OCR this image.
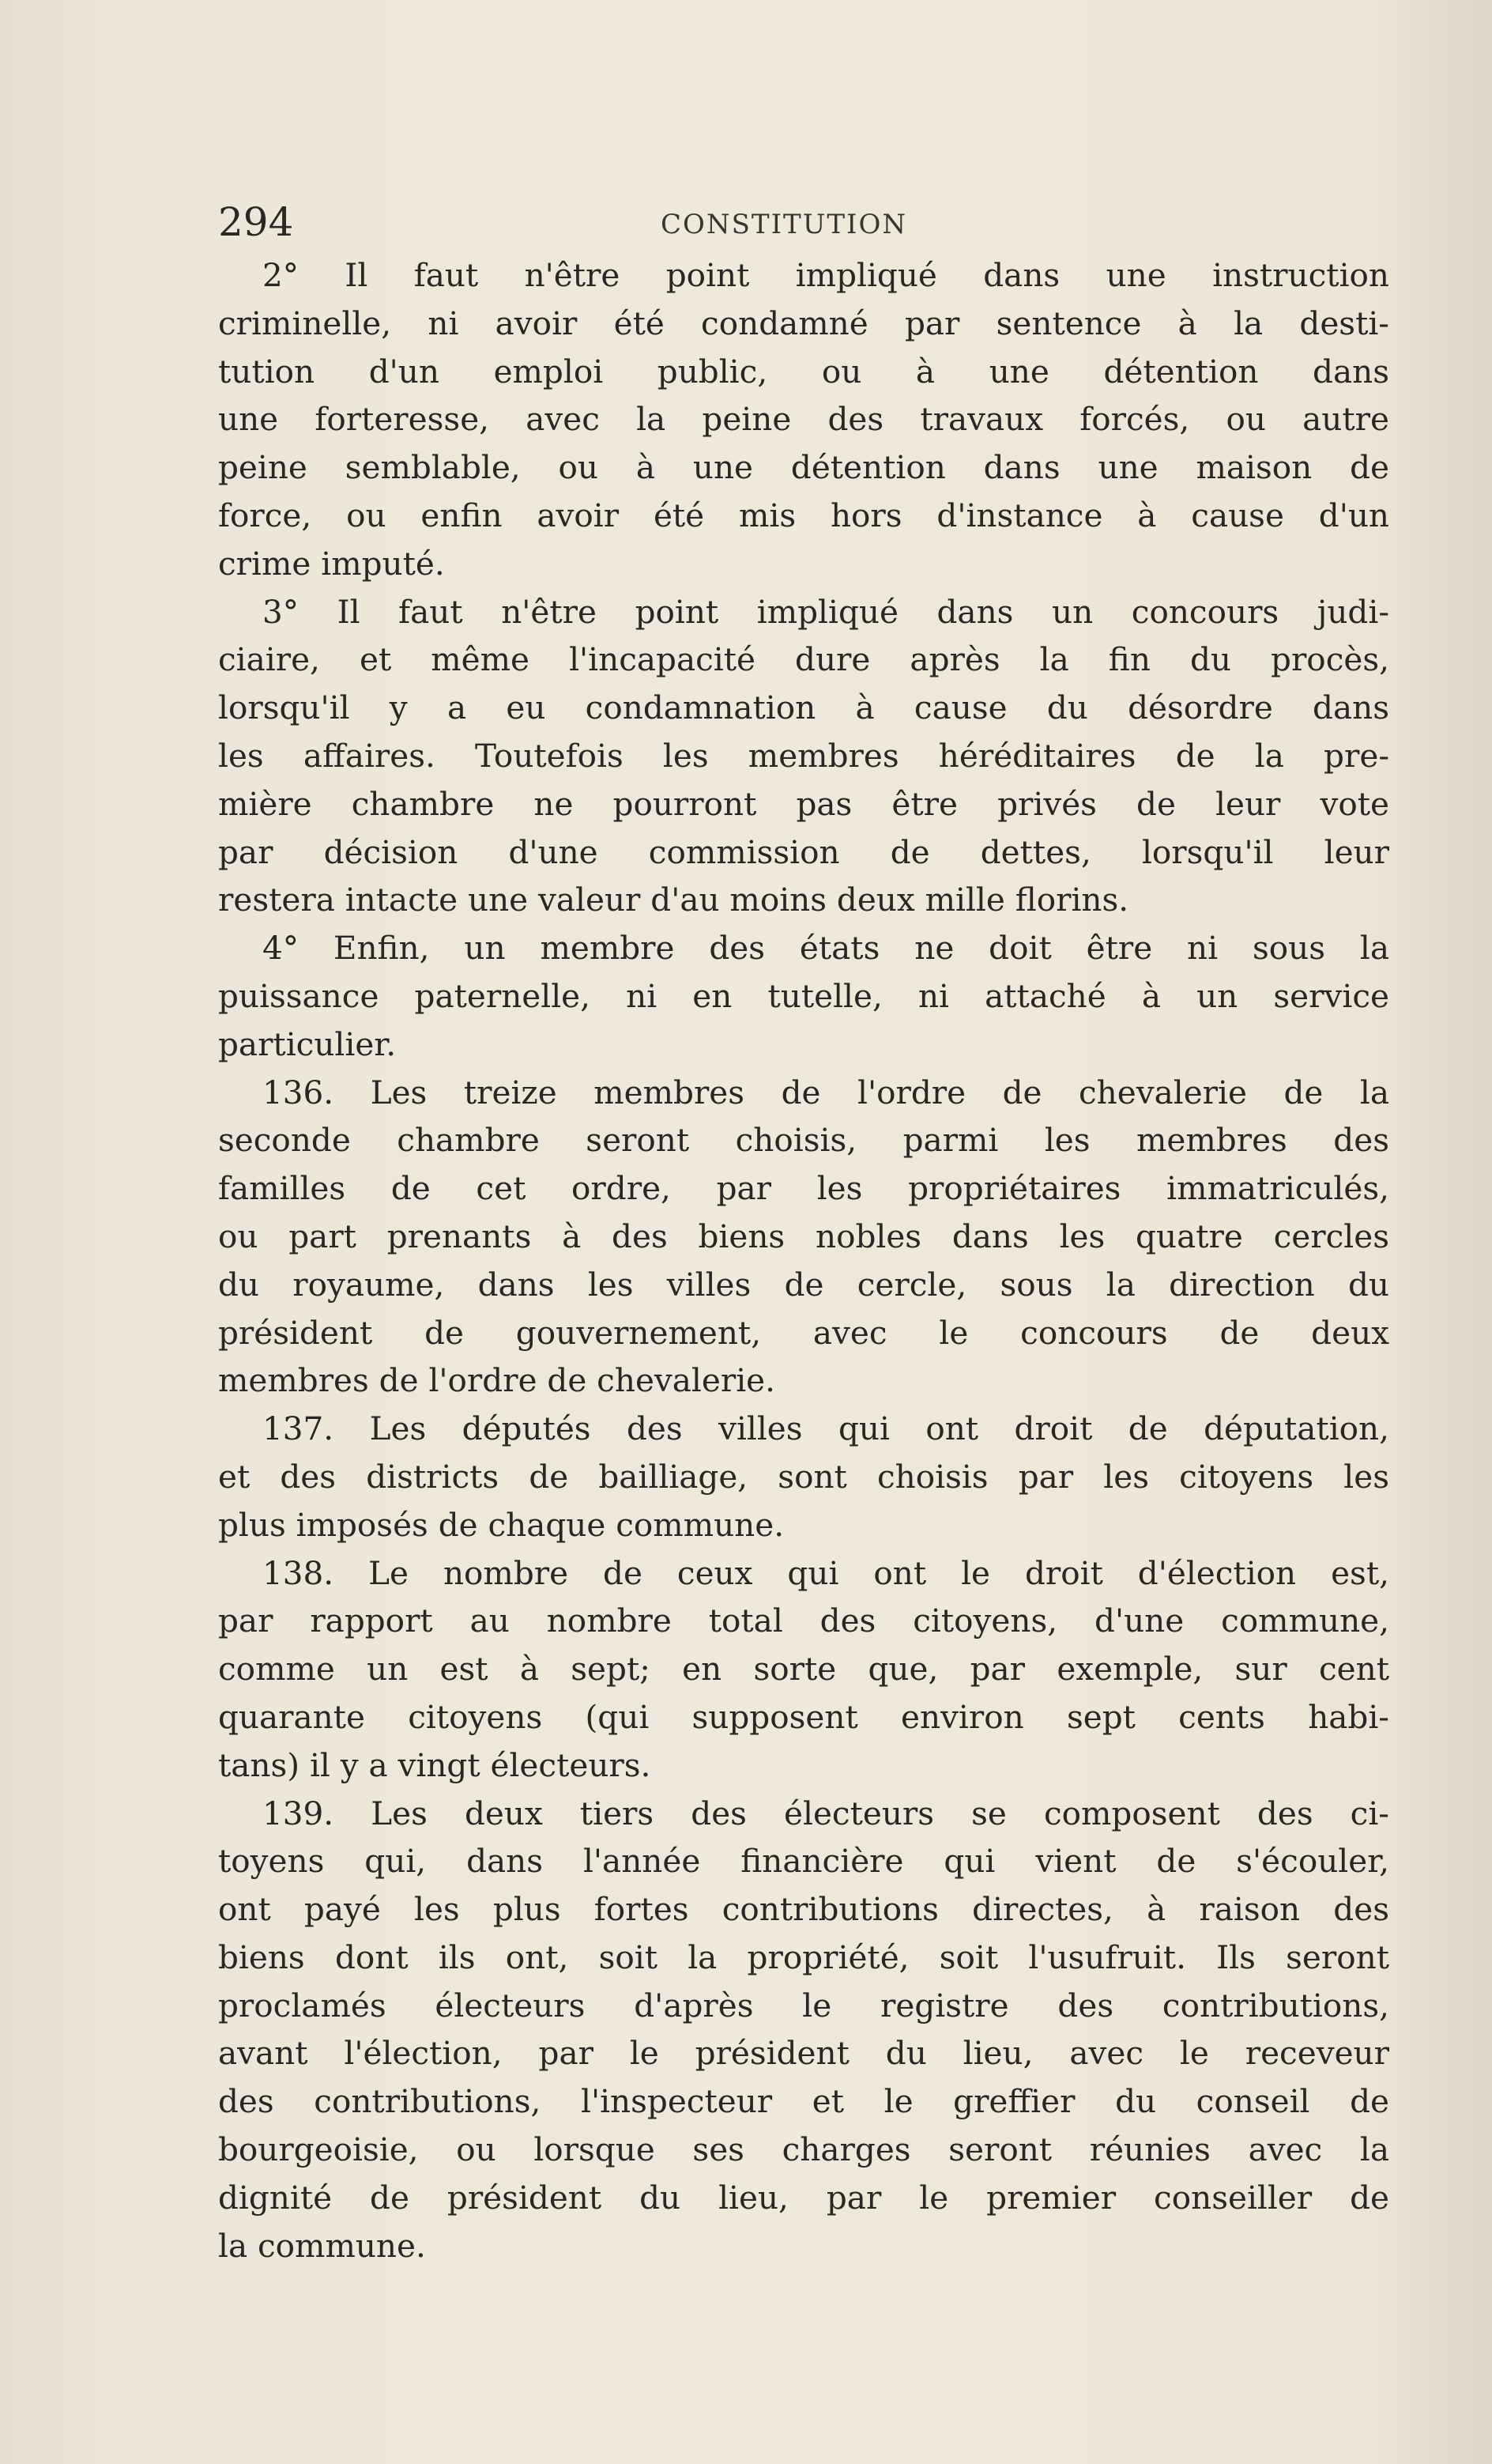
294	CONSTITUTION

2° Il faut n'être point impliqué dans une instruction
criminelle, ni avoir été condamné par sentence à la desti-
tution d'un emploi public, ou à une détention dans
une forteresse, avec la peine des travaux forcés, ou autre
peine semblable, ou à une détention dans une maison de
force, ou enfin avoir été mis hors d'instance à cause d'un
crime imputé.

3° Il faut n'être point impliqué dans un concours judi-
ciaire, et même l'incapacité dure après la fin du procès,
lorsqu'il y a eu condamnation à cause du désordre dans
les affaires. Toutefois les membres héréditaires de la pre-
mière chambre ne pourront pas être privés de leur vote
par décision d'une commission de dettes, lorsqu'il leur
restera intacte une valeur d'au moins deux mille florins.

4° Enfin, un membre des états ne doit être ni sous la
puissance paternelle, ni en tutelle, ni attaché à un service
particulier.

136. Les treize membres de l'ordre de chevalerie de la
seconde chambre seront choisis, parmi les membres des
familles de cet ordre, par les propriétaires immatriculés,
ou part prenants à des biens nobles dans les quatre cercles
du royaume, dans les villes de cercle, sous la direction du
président de gouvernement, avec le concours de deux
membres de l'ordre de chevalerie.

137. Les députés des villes qui ont droit de députation,
et des districts de bailliage, sont choisis par les citoyens les
plus imposés de chaque commune.

138. Le nombre de ceux qui ont le droit d'élection est,
par rapport au nombre total des citoyens, d'une commune,
comme un est à sept; en sorte que, par exemple, sur cent
quarante citoyens (qui supposent environ sept cents habi-
tans) il y a vingt électeurs.

139. Les deux tiers des électeurs se composent des ci-
toyens qui, dans l'année financière qui vient de s'écouler,
ont payé les plus fortes contributions directes, à raison des
biens dont ils ont, soit la propriété, soit l'usufruit. Ils seront
proclamés électeurs d'après le registre des contributions,
avant l'élection, par le président du lieu, avec le receveur
des contributions, l'inspecteur et le greffier du conseil de
bourgeoisie, ou lorsque ses charges seront réunies avec la
dignité de président du lieu, par le premier conseiller de
la commune.
